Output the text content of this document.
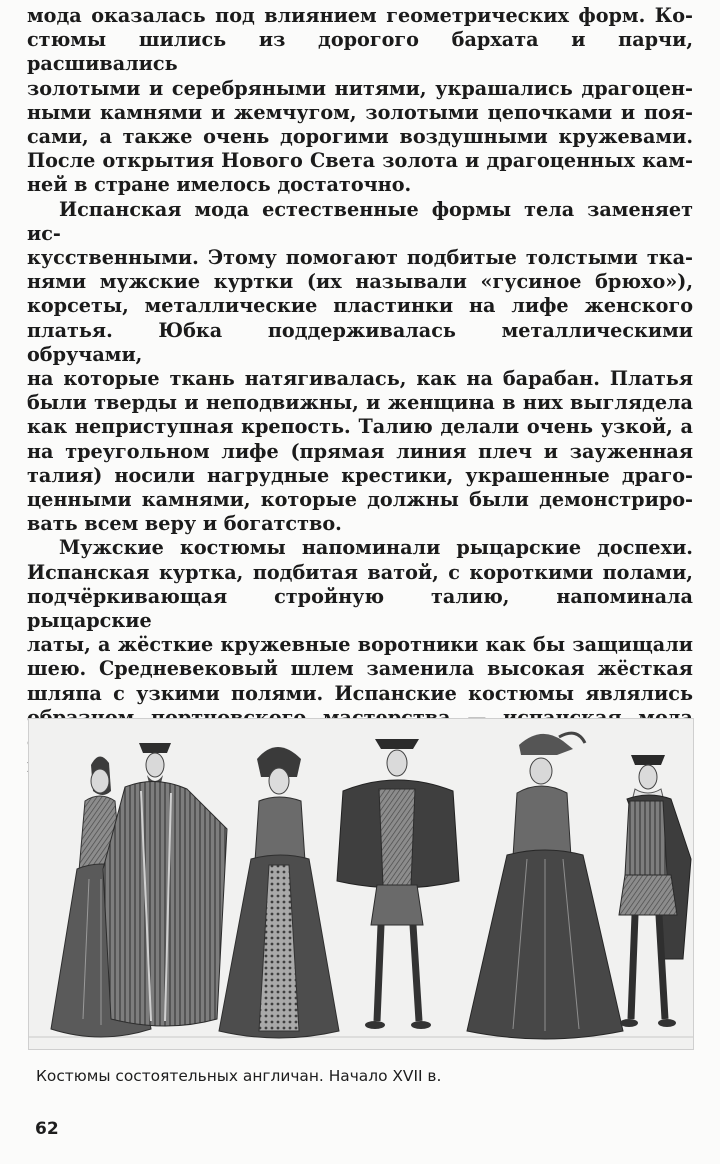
мода оказалась под влиянием геометрических форм. Ко-
стюмы шились из дорогого бархата и парчи, расшивались
золотыми и серебряными нитями, украшались драгоцен-
ными камнями и жемчугом, золотыми цепочками и поя-
сами, а также очень дорогими воздушными кружевами.
После открытия Нового Света золота и драгоценных кам-
ней в стране имелось достаточно.
Испанская мода естественные формы тела заменяет ис-
кусственными. Этому помогают подбитые толстыми тка-
нями мужские куртки (их называли «гусиное брюхо»),
корсеты, металлические пластинки на лифе женского
платья. Юбка поддерживалась металлическими обручами,
на которые ткань натягивалась, как на барабан. Платья
были тверды и неподвижны, и женщина в них выглядела
как неприступная крепость. Талию делали очень узкой, а
на треугольном лифе (прямая линия плеч и зауженная
талия) носили нагрудные крестики, украшенные драго-
ценными камнями, которые должны были демонстриро-
вать всем веру и богатство.
Мужские костюмы напоминали рыцарские доспехи.
Испанская куртка, подбитая ватой, с короткими полами,
подчёркивающая стройную талию, напоминала рыцарские
латы, а жёсткие кружевные воротники как бы защищали
шею. Средневековый шлем заменила высокая жёсткая
шляпа с узкими полями. Испанские костюмы являлись
Костюмы состоятельных англичан. Начало XVII в.
62
